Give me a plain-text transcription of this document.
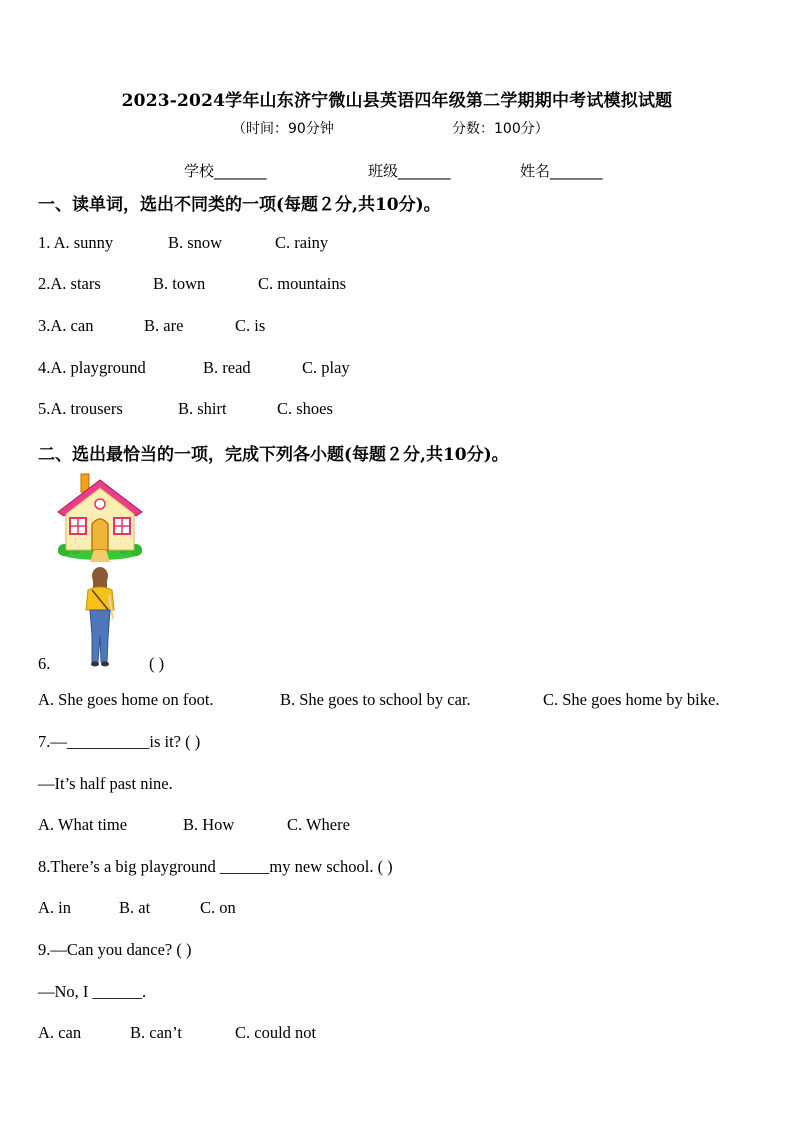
2023-2024学年山东济宁微山县英语四年级第二学期期中考试模拟试题
（时间：90分钟	分数：100分）
学校_______	班级_______	姓名_______
一、读单词，选出不同类的一项(每题２分,共10分)。
1. A. sunny	B. snow	C. rainy
2.A. stars	B. town	C. mountains
3.A. can	B. are	C. is
4.A. playground	B. read	C. play
5.A. trousers	B. shirt	C. shoes
二、选出最恰当的一项，完成下列各小题(每题２分,共10分)。
6.	( )
A. She goes home on foot.	B. She goes to school by car.	C. She goes home by bike.
7.—__________is it? ( )
—It’s half past nine.
A. What time	B. How	C. Where
8.There’s a big playground ______my new school. ( )
A. in	B. at	C. on
9.—Can you dance? ( )
—No, I ______.
A. can	B. can’t	C. could not
